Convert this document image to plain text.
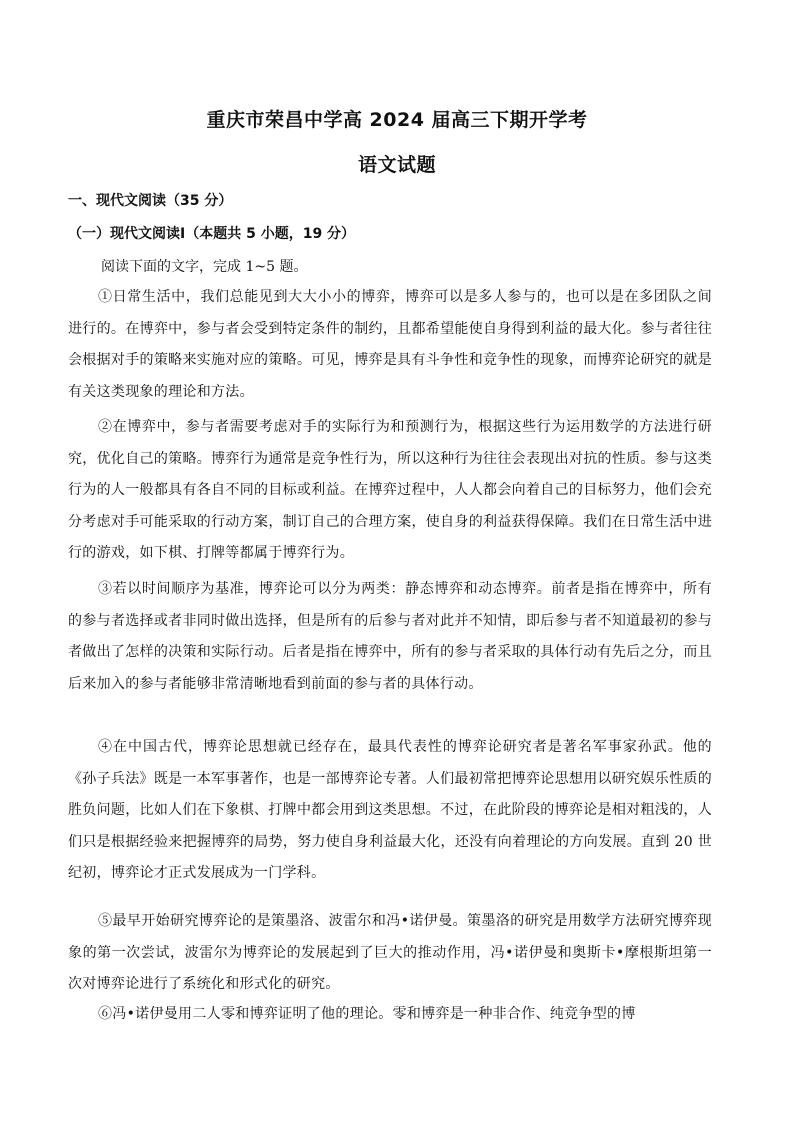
重庆市荣昌中学高 2024 届高三下期开学考
语文试题
一、现代文阅读（35 分）
（一）现代文阅读Ⅰ（本题共 5 小题，19 分）
阅读下面的文字，完成 1~5 题。
①日常生活中，我们总能见到大大小小的博弈，博弈可以是多人参与的，也可以是在多团队之间进行的。在博弈中，参与者会受到特定条件的制约，且都希望能使自身得到利益的最大化。参与者往往会根据对手的策略来实施对应的策略。可见，博弈是具有斗争性和竞争性的现象，而博弈论研究的就是有关这类现象的理论和方法。
②在博弈中，参与者需要考虑对手的实际行为和预测行为，根据这些行为运用数学的方法进行研究，优化自己的策略。博弈行为通常是竞争性行为，所以这种行为往往会表现出对抗的性质。参与这类行为的人一般都具有各自不同的目标或利益。在博弈过程中，人人都会向着自己的目标努力，他们会充分考虑对手可能采取的行动方案，制订自己的合理方案，使自身的利益获得保障。我们在日常生活中进行的游戏，如下棋、打牌等都属于博弈行为。
③若以时间顺序为基准，博弈论可以分为两类：静态博弈和动态博弈。前者是指在博弈中，所有的参与者选择或者非同时做出选择，但是所有的后参与者对此并不知情，即后参与者不知道最初的参与者做出了怎样的决策和实际行动。后者是指在博弈中，所有的参与者采取的具体行动有先后之分，而且后来加入的参与者能够非常清晰地看到前面的参与者的具体行动。
④在中国古代，博弈论思想就已经存在，最具代表性的博弈论研究者是著名军事家孙武。他的《孙子兵法》既是一本军事著作，也是一部博弈论专著。人们最初常把博弈论思想用以研究娱乐性质的胜负问题，比如人们在下象棋、打牌中都会用到这类思想。不过，在此阶段的博弈论是相对粗浅的，人们只是根据经验来把握博弈的局势，努力使自身利益最大化，还没有向着理论的方向发展。直到 20 世纪初，博弈论才正式发展成为一门学科。
⑤最早开始研究博弈论的是策墨洛、波雷尔和冯•诺伊曼。策墨洛的研究是用数学方法研究博弈现象的第一次尝试，波雷尔为博弈论的发展起到了巨大的推动作用，冯•诺伊曼和奥斯卡•摩根斯坦第一次对博弈论进行了系统化和形式化的研究。
⑥冯•诺伊曼用二人零和博弈证明了他的理论。零和博弈是一种非合作、纯竞争型的博
